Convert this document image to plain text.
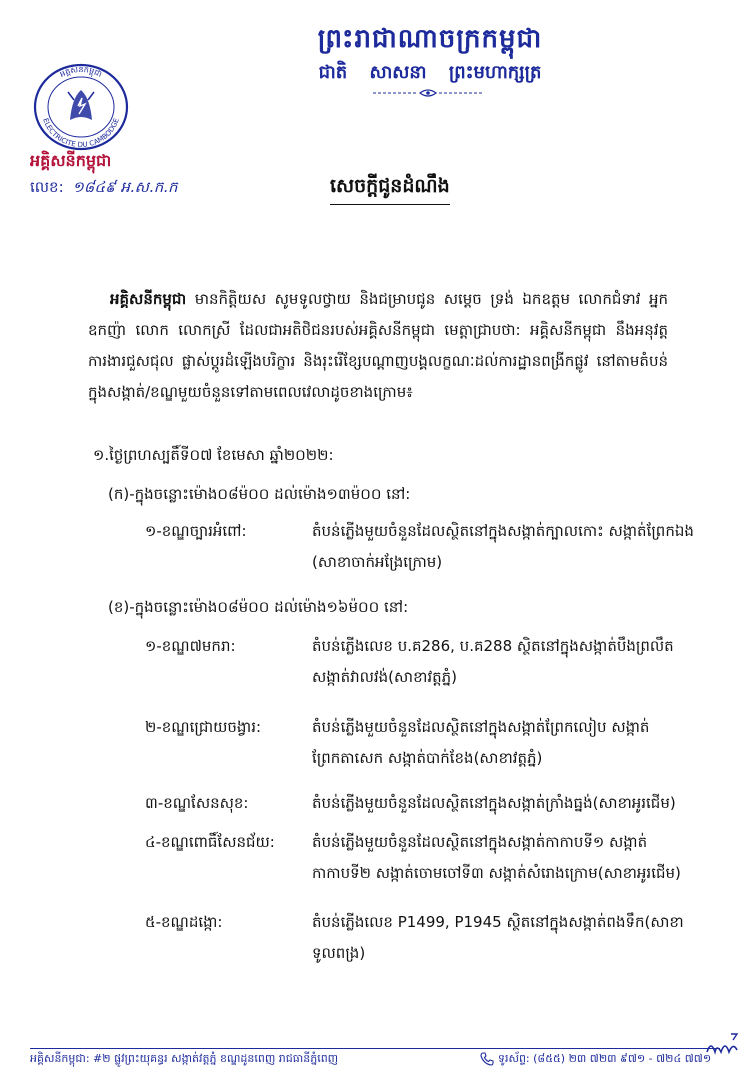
ព្រះរាជាណាចក្រកម្ពុជា
ជាតិ សាសនា ព្រះមហាក្សត្រ
អគ្គិសនីកម្ពុជា
ELECTRICITE DU CAMBODGE
អគ្គិសនីកម្ពុជា
លេខ: ១៨៤៩ អ.ស.ក.ក	សេចក្តីជូនដំណឹង
អគ្គិសនីកម្ពុជា មានកិត្តិយស សូមទូលថ្វាយ និងជម្រាបជូន សម្តេច ទ្រង់ ឯកឧត្តម លោកជំទាវ អ្នកឧកញ៉ា លោក លោកស្រី ដែលជាអតិថិជនរបស់អគ្គិសនីកម្ពុជា មេត្តាជ្រាបថា: អគ្គិសនីកម្ពុជា នឹងអនុវត្តការងារជួសជុល ផ្លាស់ប្តូរដំឡើងបរិក្ខារ និងរុះរើខ្សែបណ្តាញបង្គលក្ខណៈដល់ការដ្ឋានពង្រីកផ្លូវ នៅតាមតំបន់ក្នុងសង្កាត់/ខណ្ឌមួយចំនួនទៅតាមពេលវេលាដូចខាងក្រោម៖
១.ថ្ងៃព្រហស្បតិ៍ទី០៧ ខែមេសា ឆ្នាំ២០២២:
(ក)-ក្នុងចន្លោះម៉ោង០៨ម៉០០ ដល់ម៉ោង១៣ម៉០០ នៅ:
១-ខណ្ឌច្បារអំពៅ:	តំបន់ភ្លើងមួយចំនួនដែលស្ថិតនៅក្នុងសង្កាត់ក្បាលកោះ សង្កាត់ព្រែកឯង (សាខាចាក់អង្រែក្រោម)
(ខ)-ក្នុងចន្លោះម៉ោង០៨ម៉០០ ដល់ម៉ោង១៦ម៉០០ នៅ:
១-ខណ្ឌ៧មករា:	តំបន់ភ្លើងលេខ ប.គ286, ប.គ288 ស្ថិតនៅក្នុងសង្កាត់បឹងព្រលឹត សង្កាត់វាលវង់(សាខាវត្តភ្នំ)
២-ខណ្ឌជ្រោយចង្វារ:	តំបន់ភ្លើងមួយចំនួនដែលស្ថិតនៅក្នុងសង្កាត់ព្រែកលៀប សង្កាត់ព្រែកតាសេក សង្កាត់បាក់ខែង(សាខាវត្តភ្នំ)
៣-ខណ្ឌសែនសុខ:	តំបន់ភ្លើងមួយចំនួនដែលស្ថិតនៅក្នុងសង្កាត់ក្រាំងធ្នង់(សាខាអូរជើម)
៤-ខណ្ឌពោធិ៍សែនជ័យ: តំបន់ភ្លើងមួយចំនួនដែលស្ថិតនៅក្នុងសង្កាត់កាកាបទី១ សង្កាត់កាកាបទី២ សង្កាត់ចោមចៅទី៣ សង្កាត់សំរោងក្រោម(សាខាអូរជើម)
៥-ខណ្ឌដង្កោ:	តំបន់ភ្លើងលេខ P1499, P1945 ស្ថិតនៅក្នុងសង្កាត់ពងទឹក(សាខាទូលពង្រ)
អគ្គិសនីកម្ពុជា: #២ ផ្លូវព្រះយុគន្ធរ សង្កាត់វត្តភ្នំ ខណ្ឌដូនពេញ រាជធានីភ្នំពេញ	ទូរស័ព្ទ: (៨៥៥) ២៣ ៧២៣ ៩៧១ - ៧២៤ ៧៧១
